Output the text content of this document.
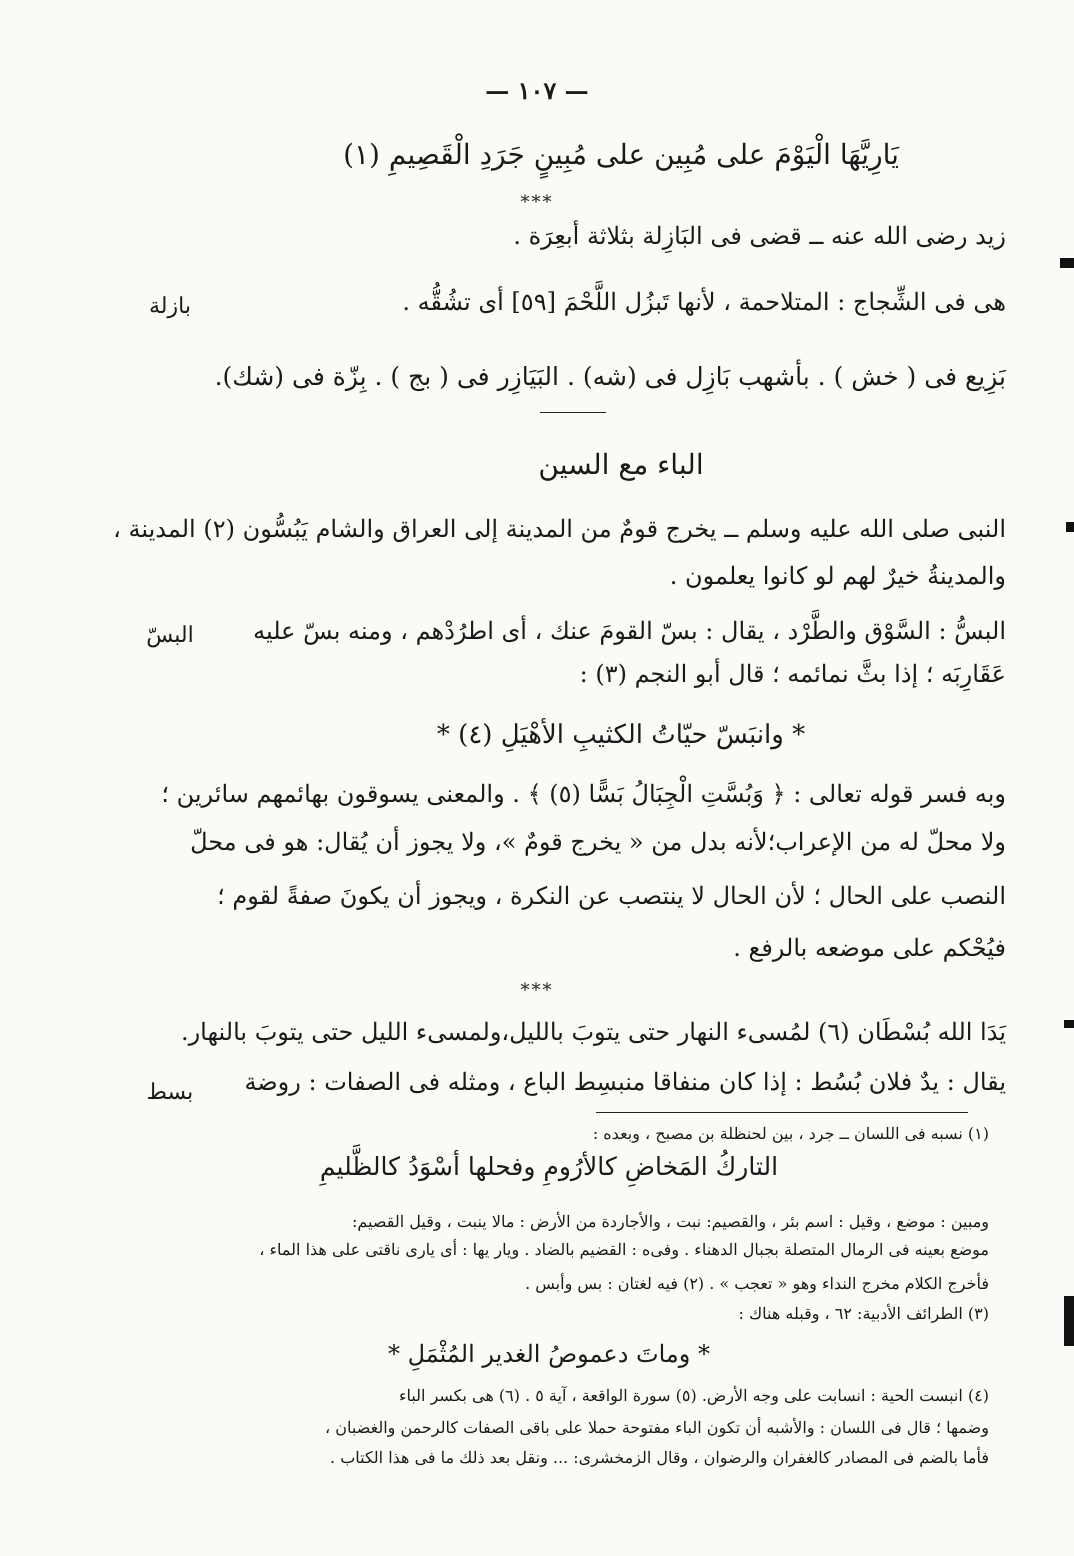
— ١٠٧ —
يَارِيَّهَا الْيَوْمَ على مُبِين على مُبِينٍ جَرَدِ الْقَصِيمِ (١)
***
زيد رضى الله عنه ــ قضى فى البَازِلة بثلاثة أبعِرَة .
هى فى الشِّجاج : المتلاحمة ، لأنها تَبزُل اللَّحْمَ [٥٩] أى تشُقُّه .
بازلة
بَزِيع فى ( خش ) . بأشهب بَازِل فى (شه) . البَيَازِر فى ( بج ) . بِزّة فى (شك).
الباء مع السين
النبى صلى الله عليه وسلم ــ يخرج قومٌ من المدينة إلى العراق والشام يَبُسُّون (٢) المدينة ،
والمدينةُ خيرٌ لهم لو كانوا يعلمون .
البسُّ : السَّوْق والطَّرْد ، يقال : بسّ القومَ عنك ، أى اطرُدْهم ، ومنه بسّ عليه
البسّ
عَقَارِبَه ؛ إذا بثَّ نمائمه ؛ قال أبو النجم (٣) :
* وانبَسّ حيّاتُ الكثيبِ الأهْيَلِ (٤) *
وبه فسر قوله تعالى : ﴿ وَبُسَّتِ الْجِبَالُ بَسًّا (٥) ﴾ . والمعنى يسوقون بهائمهم سائرين ؛
ولا محلّ له من الإعراب؛لأنه بدل من « يخرج قومٌ »، ولا يجوز أن يُقال: هو فى محلّ
النصب على الحال ؛ لأن الحال لا ينتصب عن النكرة ، ويجوز أن يكونَ صفةً لقوم ؛
فيُحْكم على موضعه بالرفع .
***
يَدَا الله بُسْطَان (٦) لمُسىء النهار حتى يتوبَ بالليل،ولمسىء الليل حتى يتوبَ بالنهار.
يقال : يدٌ فلان بُسُط : إذا كان منفاقا منبسِط الباع ، ومثله فى الصفات : روضة
بسط
(١) نسبه فى اللسان ــ جرد ، بين لحنظلة بن مصبح ، وبعده :
التاركُ المَخاضِ كالأرُومِ وفحلها أسْوَدُ كالظَّليمِ
ومبين : موضع ، وقيل : اسم بئر ، والقصيم: نبت ، والأجاردة من الأرض : مالا ينبت ، وقيل القصيم:
موضع بعينه فى الرمال المتصلة بجبال الدهناء . وفى‌ه : القضيم بالضاد . ويار يها : أى يارى ناقتى على هذا الماء ،
فأخرج الكلام مخرج النداء وهو « تعجب » . (٢) فيه لغتان : بس وأبس .
(٣) الطرائف الأدبية: ٦٢ ، وقبله هناك :
* وماتَ دعموصُ الغدير المُثْمَلِ *
(٤) انبست الحية : انسابت على وجه الأرض. (٥) سورة الواقعة ، آية ٥ . (٦) هى بكسر الباء
وضمها ؛ قال فى اللسان : والأشبه أن تكون الباء مفتوحة حملا على باقى الصفات كالرحمن والغضبان ،
فأما بالضم فى المصادر كالغفران والرضوان ، وقال الزمخشرى: ... ونقل بعد ذلك ما فى هذا الكتاب .
